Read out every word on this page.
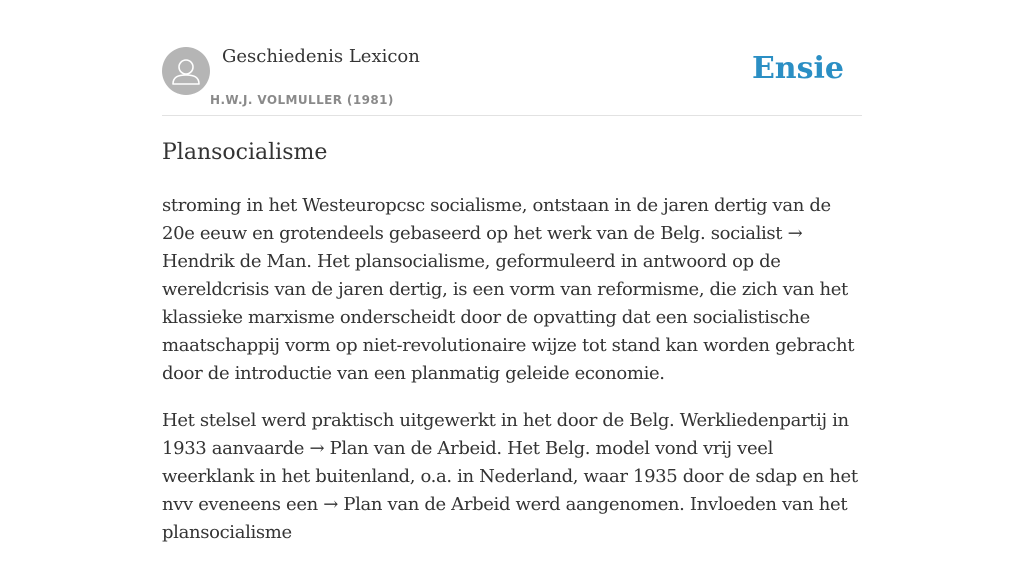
Geschiedenis Lexicon
H.W.J. VOLMULLER (1981)
Ensie
Plansocialisme

stroming in het Westeuropcsc socialisme, ontstaan in de jaren dertig van de 20e eeuw en grotendeels gebaseerd op het werk van de Belg. socialist → Hendrik de Man. Het plansocialisme, geformuleerd in antwoord op de wereldcrisis van de jaren dertig, is een vorm van reformisme, die zich van het klassieke marxisme onderscheidt door de opvatting dat een socialistische maatschappij vorm op niet-revolutionaire wijze tot stand kan worden gebracht door de introductie van een planmatig geleide economie.

Het stelsel werd praktisch uitgewerkt in het door de Belg. Werkliedenpartij in 1933 aanvaarde → Plan van de Arbeid. Het Belg. model vond vrij veel weerklank in het buitenland, o.a. in Nederland, waar 1935 door de sdap en het nvv eveneens een → Plan van de Arbeid werd aangenomen. Invloeden van het plansocialisme
